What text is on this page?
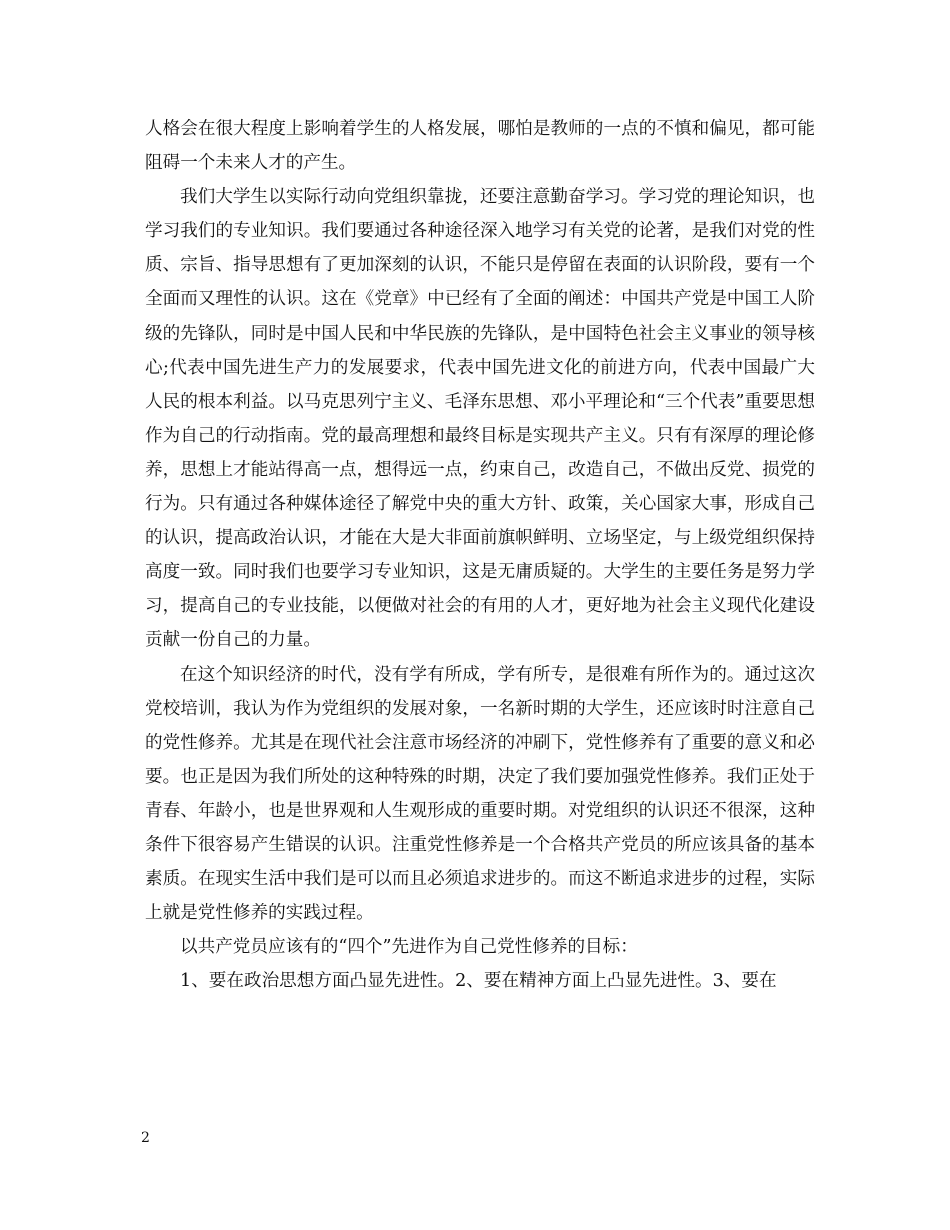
人格会在很大程度上影响着学生的人格发展，哪怕是教师的一点的不慎和偏见，都可能阻碍一个未来人才的产生。

我们大学生以实际行动向党组织靠拢，还要注意勤奋学习。学习党的理论知识，也学习我们的专业知识。我们要通过各种途径深入地学习有关党的论著，是我们对党的性质、宗旨、指导思想有了更加深刻的认识，不能只是停留在表面的认识阶段，要有一个全面而又理性的认识。这在《党章》中已经有了全面的阐述：中国共产党是中国工人阶级的先锋队，同时是中国人民和中华民族的先锋队，是中国特色社会主义事业的领导核心;代表中国先进生产力的发展要求，代表中国先进文化的前进方向，代表中国最广大人民的根本利益。以马克思列宁主义、毛泽东思想、邓小平理论和“三个代表”重要思想作为自己的行动指南。党的最高理想和最终目标是实现共产主义。只有有深厚的理论修养，思想上才能站得高一点，想得远一点，约束自己，改造自己，不做出反党、损党的行为。只有通过各种媒体途径了解党中央的重大方针、政策，关心国家大事，形成自己的认识，提高政治认识，才能在大是大非面前旗帜鲜明、立场坚定，与上级党组织保持高度一致。同时我们也要学习专业知识，这是无庸质疑的。大学生的主要任务是努力学习，提高自己的专业技能，以便做对社会的有用的人才，更好地为社会主义现代化建设贡献一份自己的力量。

在这个知识经济的时代，没有学有所成，学有所专，是很难有所作为的。通过这次党校培训，我认为作为党组织的发展对象，一名新时期的大学生，还应该时时注意自己的党性修养。尤其是在现代社会注意市场经济的冲刷下，党性修养有了重要的意义和必要。也正是因为我们所处的这种特殊的时期，决定了我们要加强党性修养。我们正处于青春、年龄小，也是世界观和人生观形成的重要时期。对党组织的认识还不很深，这种条件下很容易产生错误的认识。注重党性修养是一个合格共产党员的所应该具备的基本素质。在现实生活中我们是可以而且必须追求进步的。而这不断追求进步的过程，实际上就是党性修养的实践过程。

以共产党员应该有的“四个”先进作为自己党性修养的目标：

1、要在政治思想方面凸显先进性。2、要在精神方面上凸显先进性。3、要在

2
